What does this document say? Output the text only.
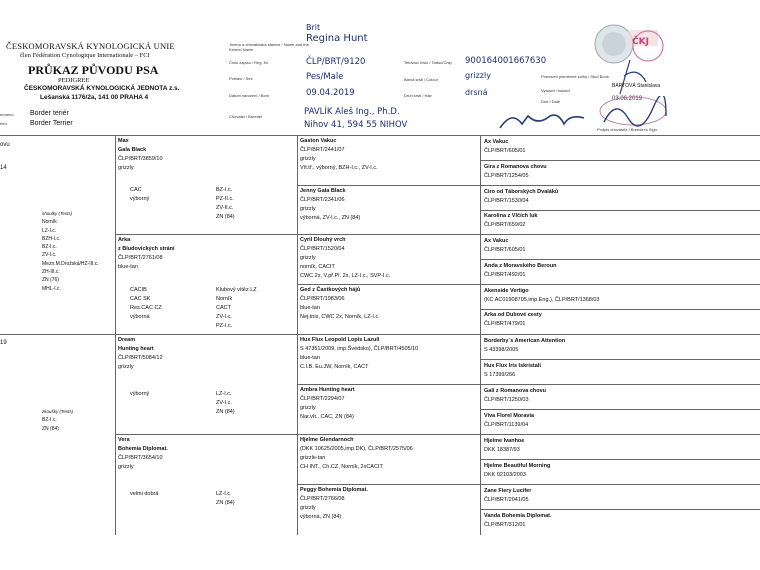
ČESKOMORAVSKÁ KYNOLOGICKÁ UNIE
člen Fédération Cynologique Internationale – FCI
PRŮKAZ PŮVODU PSA
PEDIGREE
ČESKOMORAVSKÁ KYNOLOGICKÁ JEDNOTA z.s.
Lešanská 1176/2a, 141 00 PRAHA 4
ermeno
eed
Border teriér
Border Terrier
Jméno a chovatelská stanice / Name and the Kennel Name
Brit
Regina Hunt
Číslo zápisu / Reg. Nr.	ČLP/BRT/9120
Pohlaví / Sex	Pes/Male
Datum narození / Born	09.04.2019
Chovatel / Breeder	PAVLÍK Aleš Ing., Ph.D.
Nihov 41, 594 55 NIHOV
Tetovací číslo / Tattoo/Chip	900164001667630
Barva srsti / Colour	grizzly
Druh srsti / Hair	drsná
Potvrzení plemenné knihy / Stud Book
Vystavil / Issued
Dne / Date
BARTOVÁ Stanislava
03.06.2019
Podpis chovatele / Breeder's Sign.
ČKJ
ovu
14
19
shoulky (Tests)
Norník
LZ-I.c.
BZH-I.c.
BZ-I.c.
ZV-I.c.
Mezn.M.Drožská/HZ-III.c.
ZH-III.c.
ZN (76)
MHL-I.c.
zkoušky (Tests)
BZ-I.c.
ZN (84)
Max
Gala Black
ČLP/BRT/3859/10
grizzly
CAC
výborný
BZ-I.c.
PZ-II.c.
ZV-II.c.
ZN (84)
Arka
z Bludovických strání
ČLP/BRT/2761/08
blue-tan
CACIB
CAC SK
Res.CAC CZ
výborná
Klubový vítěz LZ
Norník
CACT
ZV-I.c.
PZ-I.c.
Dream
Hunting heart
ČLP/BRT/5084/12
grizzly
výborný	LZ-I.c.
ZV-I.c.
ZN (84)
Vera
Bohemia Diplomat.
ČLP/BRT/3654/10
grizzly
velmi dobrá	LZ-I.c.
ZN (84)
Gaston Vakuc
ČLP/BRT/2441/07
grizzly
Vít.tř., výborný, BZH-I.c., ZV-I.c.
Jenny Gala Black
ČLP/BRT/2341/06
grizzly
výborná, ZV-I.c., ZN (84)
Cyril Dlouhý vrch
ČLP/BRT/1520/04
grizzly
norník, CACIT
CWC 2x, V.př.Pl. 2x, LZ-I.c., SVP-I.c.
Ged z Častkových hájů
ČLP/BRT/1983/06
blue-tan
Nej.tnis, CWC 2x, Norník, LZ-I.c.
Hux Flux Leopold Lopis Lazuli
S 47351/2009, imp.Švédsko), ČLP/BRT/4505/10
blue-tan
C.I.B. Eu.JW, Norník, CACT
Ambra Hunting heart
ČLP/BRT/2294/07
grizzly
Nar.vít., CAC, ZN (84)
Hjelme Glendarnoch
(DKK 10625/2005,imp.DK), ČLP/BRT/2575/06
grizzle-tan
CH INT., Ch.CZ, Norník, 2xCACIT
Peggy Bohemia Diplomat.
ČLP/BRT/2766/08
grizzly
výborná, ZN (84)
Ax Vakuc
ČLP/BRT/605/01
Gira z Romanova chovu
ČLP/BRT/1254/05
Ciro od Táborských Dvaláků
ČLP/BRT/1530/04
Karolina z Vlčích luk
ČLP/BRT/659/02
Ax Vakuc
ČLP/BRT/605/01
Anda z Moravského Beroun
ČLP/BRT/492/01
Akenside Vertigo
(KC AC01908705,imp.Eng.), ČLP/BRT/1368/03
Arka od Dubové cesty
ČLP/BRT/479/01
Borderby´s American Attention
S 43398/2005
Hux Flux Iris Iskristali
S 17399/266
Gali z Romanova chovu
ČLP/BRT/1250/03
Viva Florel Moravia
ČLP/BRT/1139/04
Hjelme Ivanhoe
DKK 18387/93
Hjelme Beautiful Morning
DKK 02103/2003
Zane Fiery Lucifer
ČLP/BRT/2041/05
Vanda Bohemia Diplomat.
ČLP/BRT/312/01
